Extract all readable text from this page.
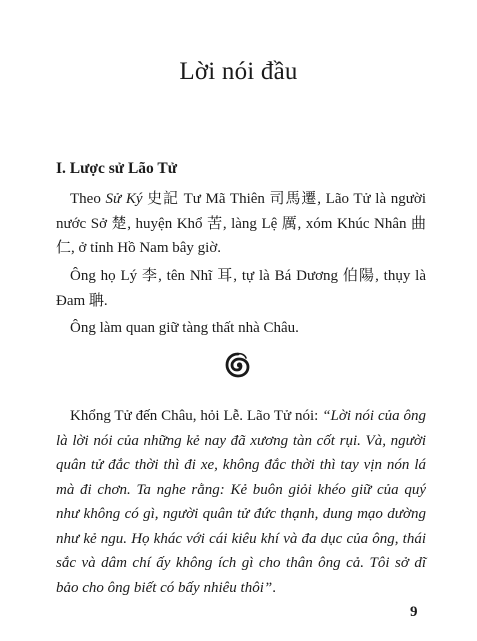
Lời nói đầu
I. Lược sử Lão Tử

Theo Sử Ký 史記 Tư Mã Thiên 司馬遷, Lão Tử là người nước Sở 楚, huyện Khổ 苦, làng Lệ 厲, xóm Khúc Nhân 曲仁, ở tỉnh Hồ Nam bây giờ.

Ông họ Lý 李, tên Nhĩ 耳, tự là Bá Dương 伯陽, thụy là Đam 聃.

Ông làm quan giữ tàng thất nhà Châu.

Khổng Tử đến Châu, hỏi Lễ. Lão Tử nói: “Lời nói của ông là lời nói của những kẻ nay đã xương tàn cốt rụi. Và, người quân tử đắc thời thì đi xe, không đắc thời thì tay vịn nón lá mà đi chơn. Ta nghe rằng: Kẻ buôn giỏi khéo giữ của quý như không có gì, người quân tử đức thạnh, dung mạo dường như kẻ ngu. Họ khác với cái kiêu khí và đa dục của ông, thái sắc và dâm chí ấy không ích gì cho thân ông cả. Tôi sở dĩ bảo cho ông biết có bấy nhiêu thôi”.

9
